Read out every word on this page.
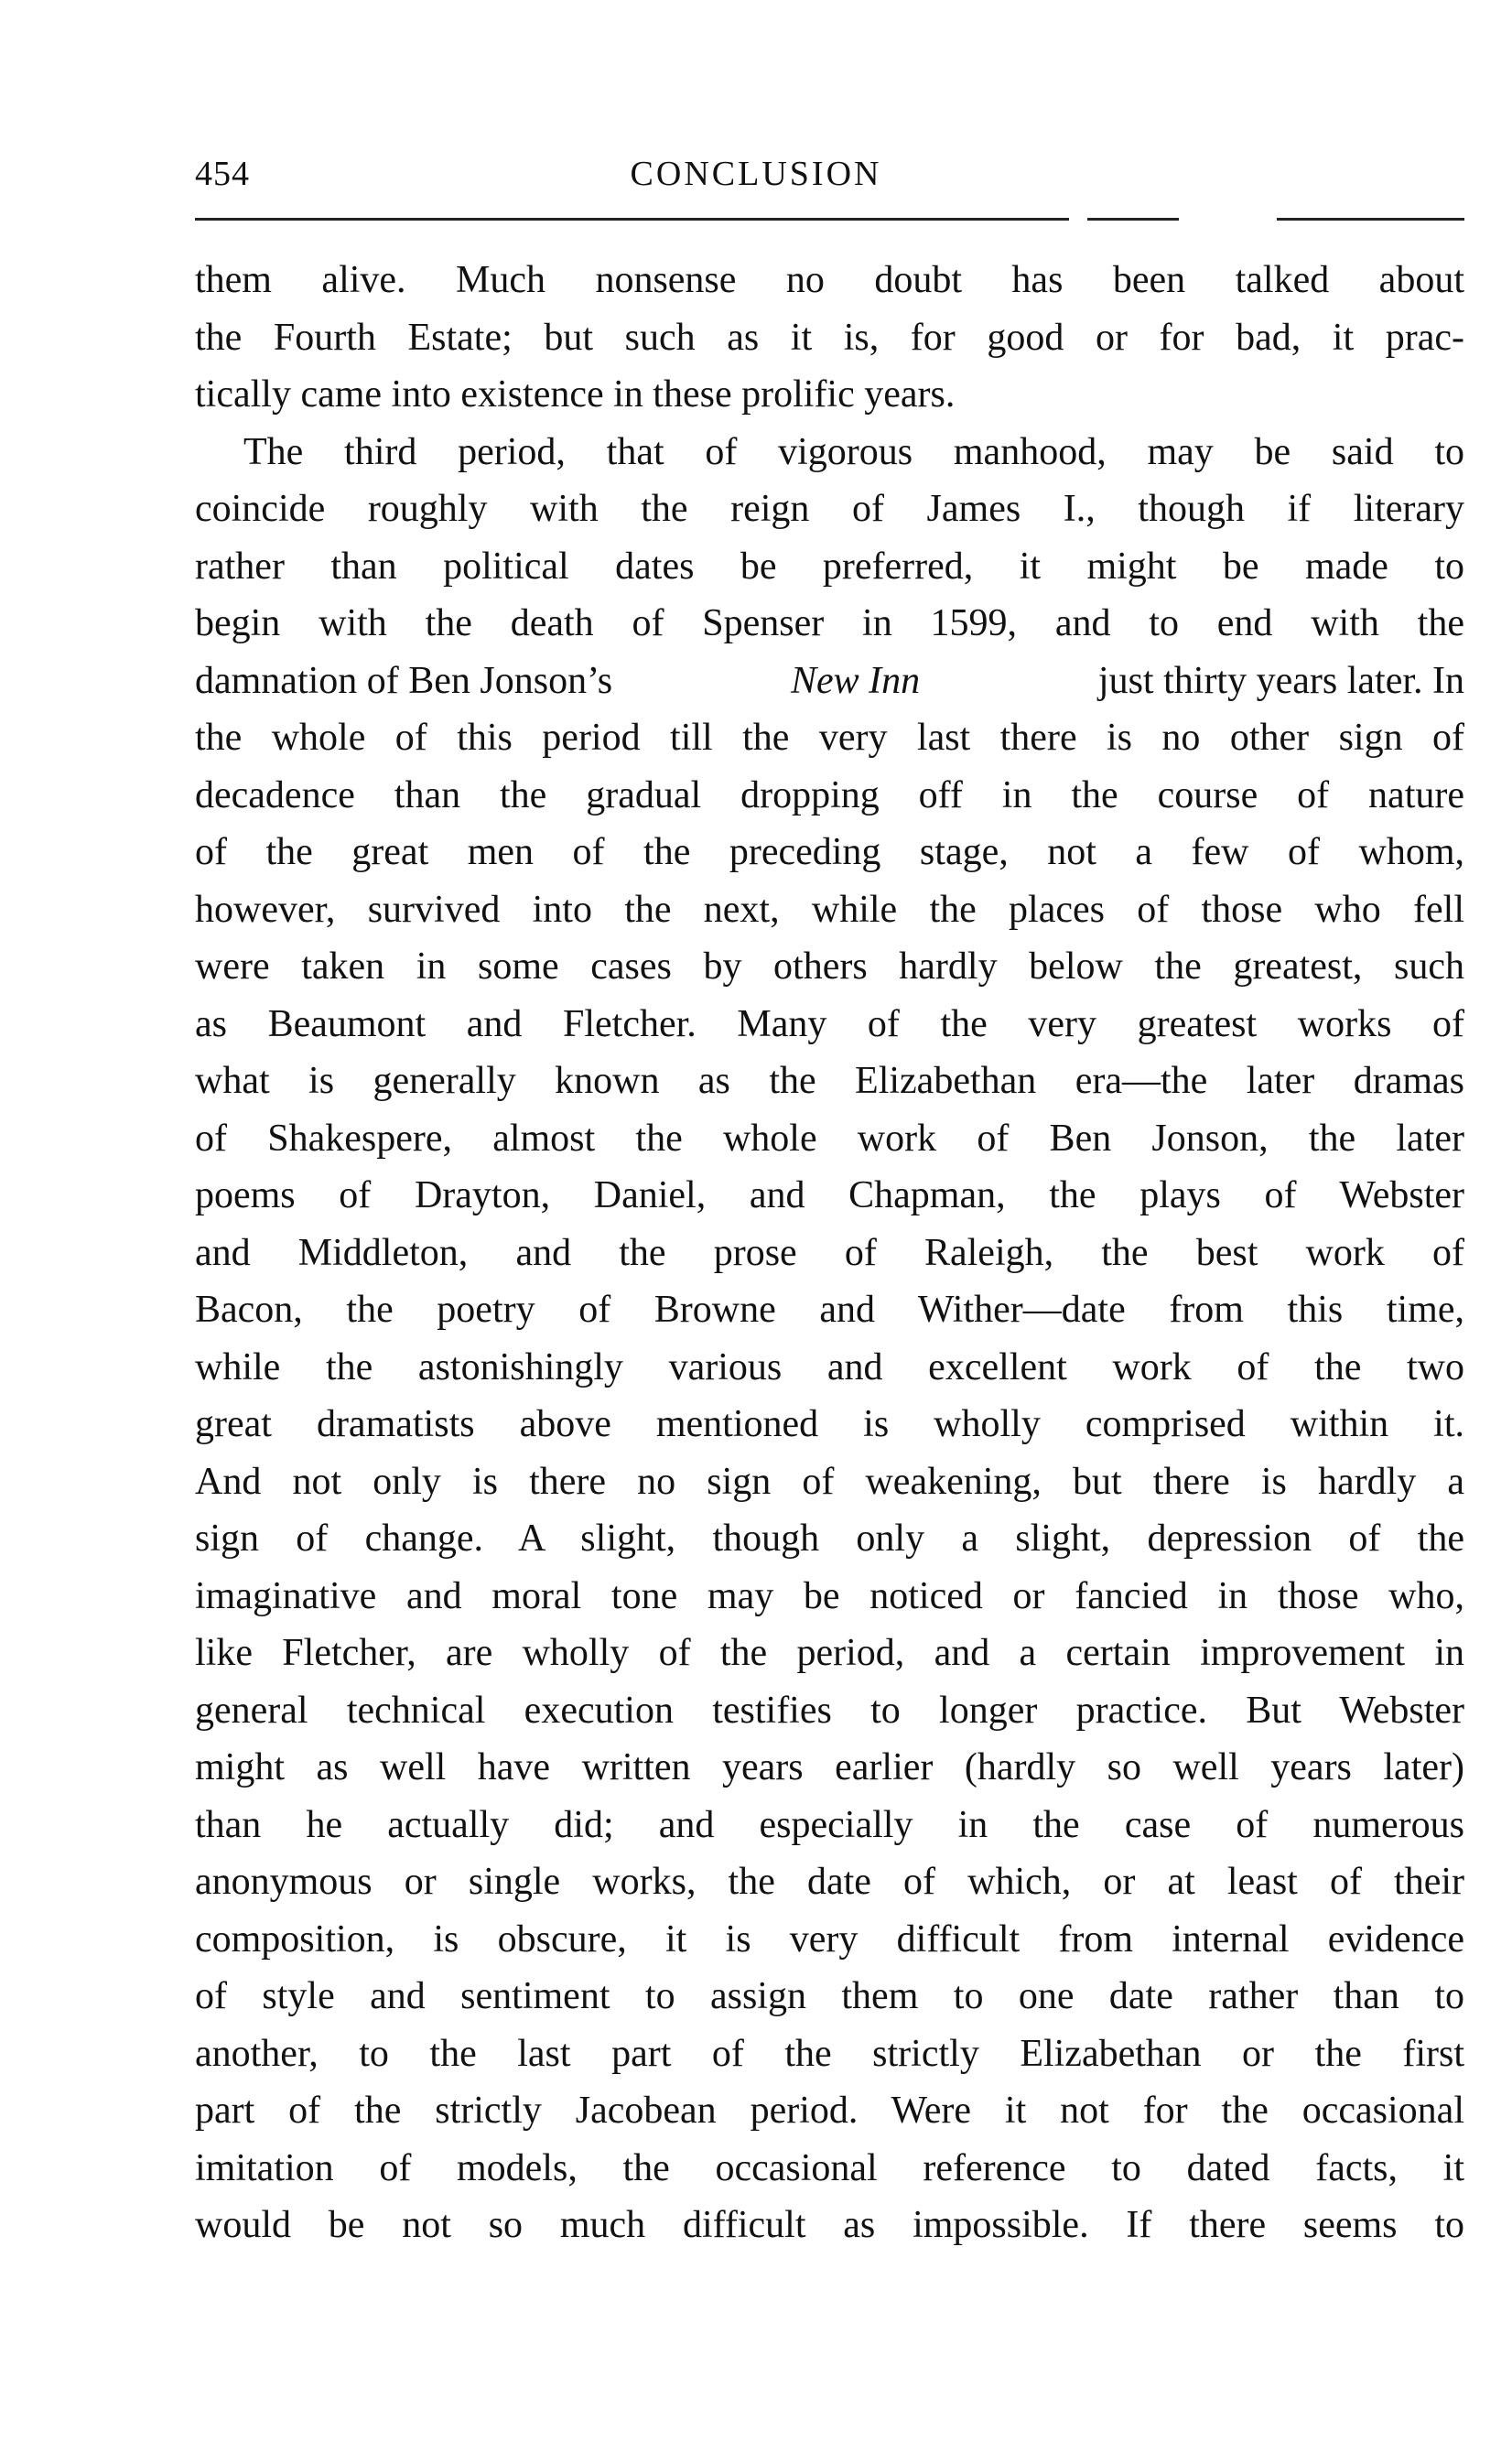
454	CONCLUSION
them alive. Much nonsense no doubt has been talked about
the Fourth Estate; but such as it is, for good or for bad, it prac-
tically came into existence in these prolific years.
The third period, that of vigorous manhood, may be said to
coincide roughly with the reign of James I., though if literary
rather than political dates be preferred, it might be made to
begin with the death of Spenser in 1599, and to end with the
damnation of Ben Jonson’s	New Inn	just thirty years later. In
the whole of this period till the very last there is no other sign of
decadence than the gradual dropping off in the course of nature
of the great men of the preceding stage, not a few of whom,
however, survived into the next, while the places of those who fell
were taken in some cases by others hardly below the greatest, such
as Beaumont and Fletcher. Many of the very greatest works of
what is generally known as the Elizabethan era—the later dramas
of Shakespere, almost the whole work of Ben Jonson, the later
poems of Drayton, Daniel, and Chapman, the plays of Webster
and Middleton, and the prose of Raleigh, the best work of
Bacon, the poetry of Browne and Wither—date from this time,
while the astonishingly various and excellent work of the two
great dramatists above mentioned is wholly comprised within it.
And not only is there no sign of weakening, but there is hardly a
sign of change. A slight, though only a slight, depression of the
imaginative and moral tone may be noticed or fancied in those who,
like Fletcher, are wholly of the period, and a certain improvement in
general technical execution testifies to longer practice. But Webster
might as well have written years earlier (hardly so well years later)
than he actually did; and especially in the case of numerous
anonymous or single works, the date of which, or at least of their
composition, is obscure, it is very difficult from internal evidence
of style and sentiment to assign them to one date rather than to
another, to the last part of the strictly Elizabethan or the first
part of the strictly Jacobean period. Were it not for the occasional
imitation of models, the occasional reference to dated facts, it
would be not so much difficult as impossible. If there seems to
